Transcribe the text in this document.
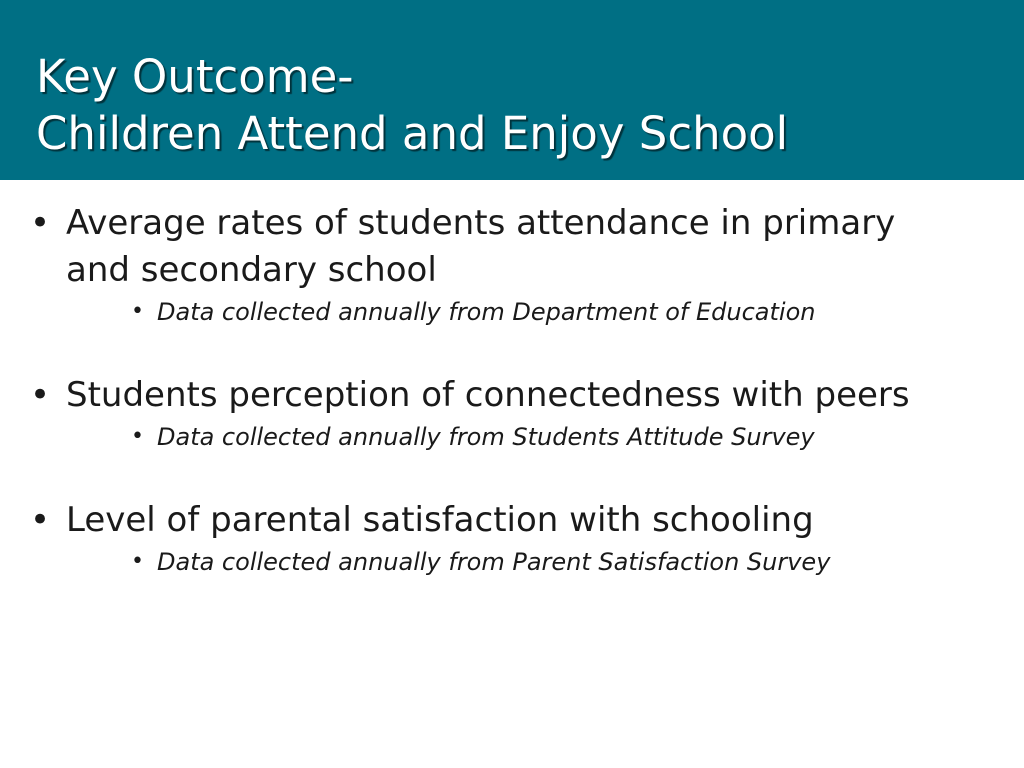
Key Outcome-
Children Attend and Enjoy School
• Average rates of students attendance in primary and secondary school
• Data collected annually from Department of Education
• Students perception of connectedness with peers
• Data collected annually from Students Attitude Survey
• Level of parental satisfaction with schooling
• Data collected annually from Parent Satisfaction Survey
